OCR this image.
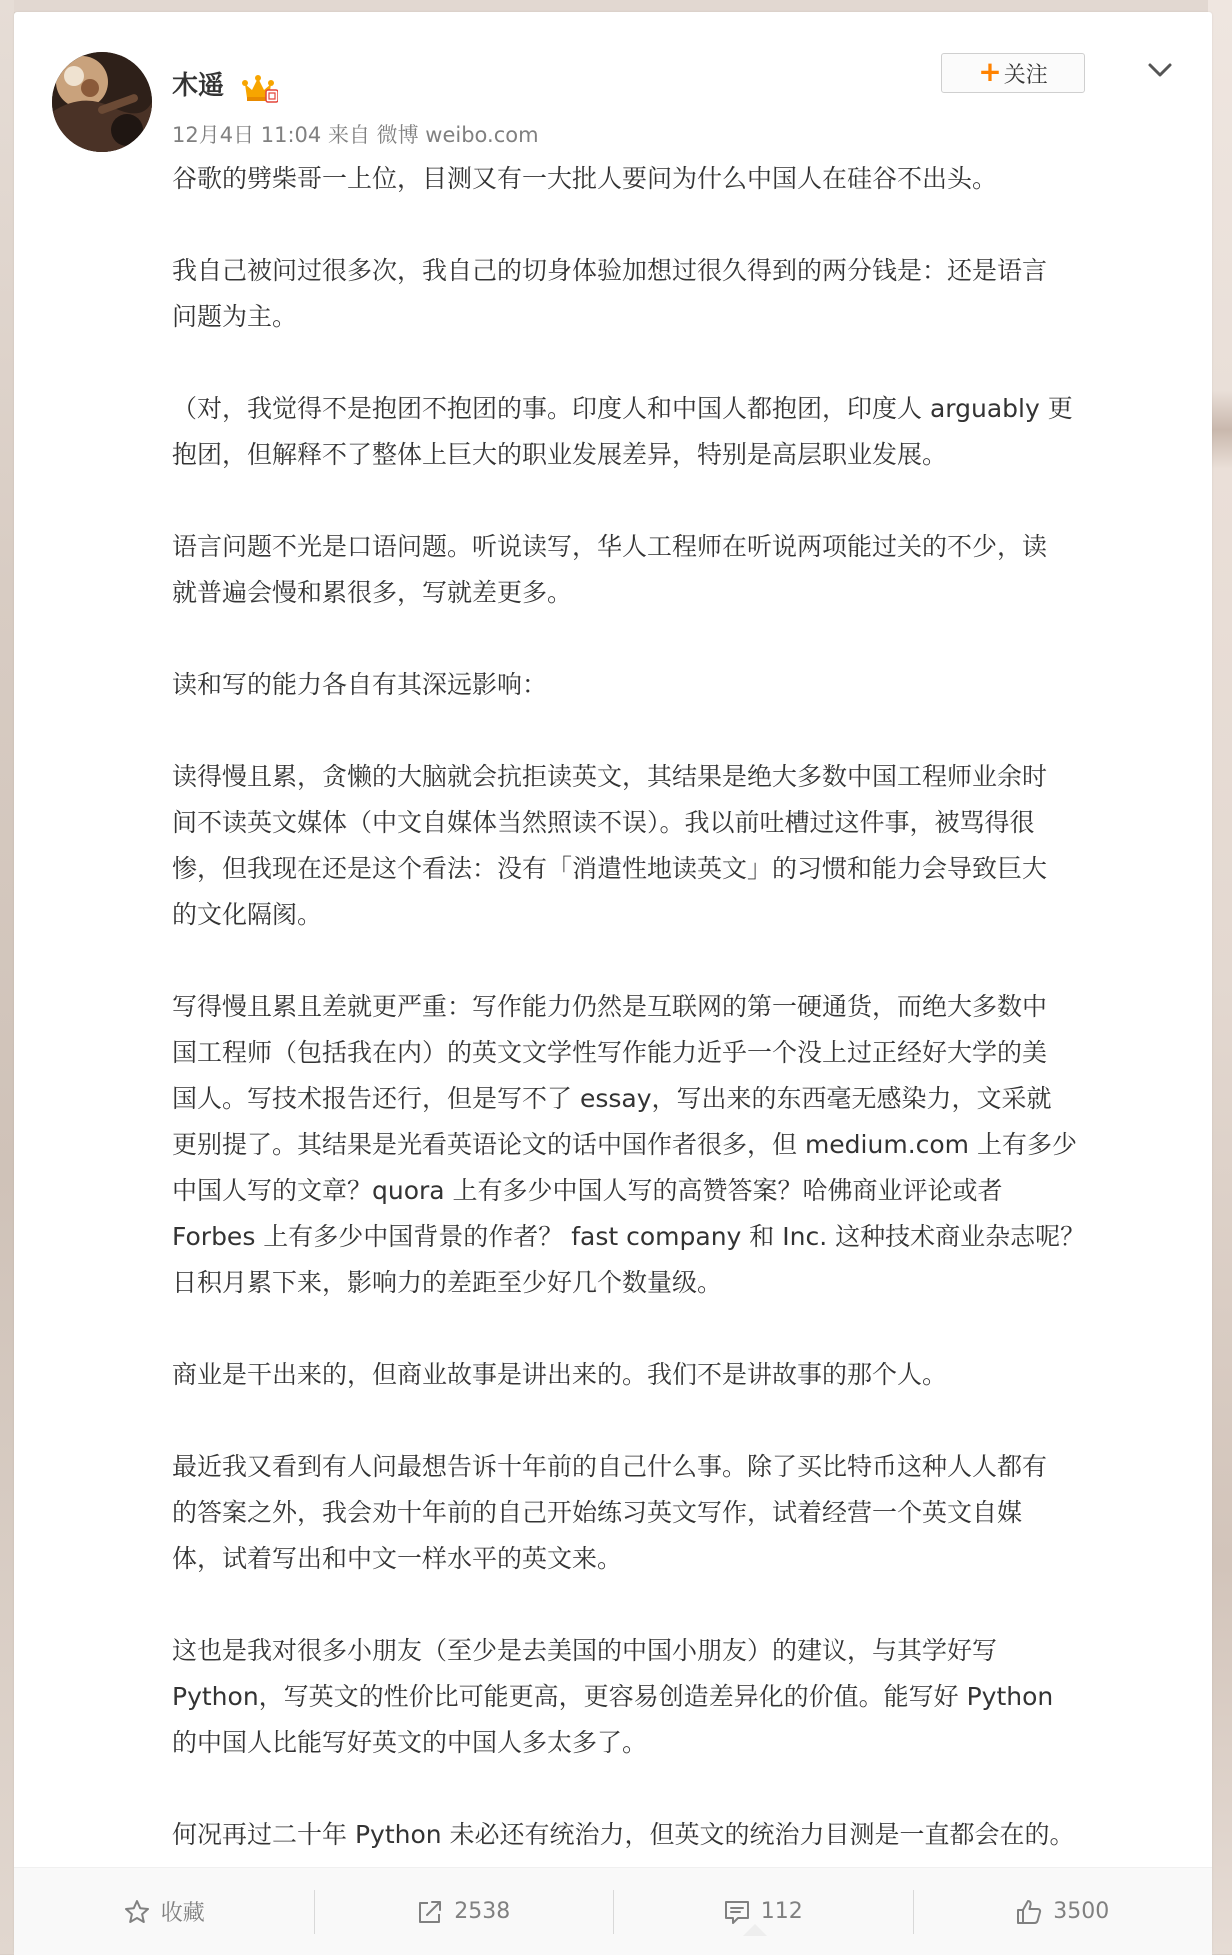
木遥
12月4日 11:04 来自 微博 weibo.com
+ 关注

谷歌的劈柴哥一上位，目测又有一大批人要问为什么中国人在硅谷不出头。

我自己被问过很多次，我自己的切身体验加想过很久得到的两分钱是：还是语言
问题为主。

（对，我觉得不是抱团不抱团的事。印度人和中国人都抱团，印度人 arguably 更
抱团，但解释不了整体上巨大的职业发展差异，特别是高层职业发展。

语言问题不光是口语问题。听说读写，华人工程师在听说两项能过关的不少，读
就普遍会慢和累很多，写就差更多。

读和写的能力各自有其深远影响：

读得慢且累，贪懒的大脑就会抗拒读英文，其结果是绝大多数中国工程师业余时
间不读英文媒体（中文自媒体当然照读不误）。我以前吐槽过这件事，被骂得很
惨，但我现在还是这个看法：没有「消遣性地读英文」的习惯和能力会导致巨大
的文化隔阂。

写得慢且累且差就更严重：写作能力仍然是互联网的第一硬通货，而绝大多数中
国工程师（包括我在内）的英文文学性写作能力近乎一个没上过正经好大学的美
国人。写技术报告还行，但是写不了 essay，写出来的东西毫无感染力，文采就
更别提了。其结果是光看英语论文的话中国作者很多，但 medium.com 上有多少
中国人写的文章？quora 上有多少中国人写的高赞答案？哈佛商业评论或者
Forbes 上有多少中国背景的作者？ fast company 和 Inc. 这种技术商业杂志呢？
日积月累下来，影响力的差距至少好几个数量级。

商业是干出来的，但商业故事是讲出来的。我们不是讲故事的那个人。

最近我又看到有人问最想告诉十年前的自己什么事。除了买比特币这种人人都有
的答案之外，我会劝十年前的自己开始练习英文写作，试着经营一个英文自媒
体，试着写出和中文一样水平的英文来。

这也是我对很多小朋友（至少是去美国的中国小朋友）的建议，与其学好写
Python，写英文的性价比可能更高，更容易创造差异化的价值。能写好 Python
的中国人比能写好英文的中国人多太多了。

何况再过二十年 Python 未必还有统治力，但英文的统治力目测是一直都会在的。

收藏	2538	112	3500
